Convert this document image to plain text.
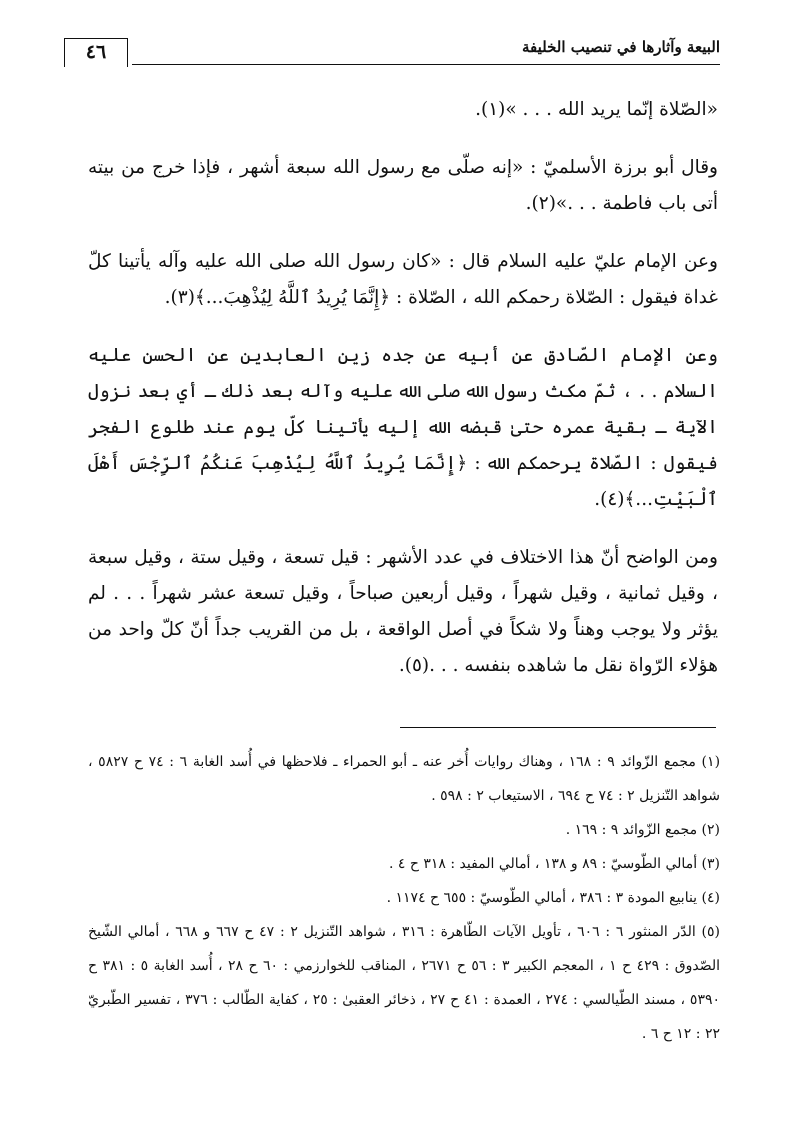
البيعة وآثارها في تنصيب الخليفة
٤٦

«الصّلاة إنّما يريد الله . . . »(١).

وقال أبو برزة الأسلميّ : «إنه صلّى مع رسول الله سبعة أشهر ، فإذا خرج من بيته أتى باب فاطمة . . .»(٢).

وعن الإمام عليّ عليه السلام قال : «كان رسول الله صلى الله عليه وآله يأتينا كلّ غداة فيقول : الصّلاة رحمكم الله ، الصّلاة : ﴿إِنَّمَا يُرِيدُ ٱللَّهُ لِيُذْهِبَ...﴾(٣).

وعن الإمام الصّادق عن أبيه عن جده زين العابدين عن الحسن عليه السلام . . ، ثمّ مكث رسول الله صلى الله عليه وآله بعد ذلك ـ أي بعد نزول الآية ـ بقية عمره حتىٰ قبضه الله إليه يأتينا كلّ يوم عند طلوع الفجر فيقول : الصّلاة يرحمكم الله : ﴿إِنَّمَا يُرِيدُ ٱللَّهُ لِيُذْهِبَ عَنكُمُ ٱلرِّجْسَ أَهْلَ ٱلْبَيْتِ...﴾(٤).

ومن الواضح أنّ هذا الاختلاف في عدد الأشهر : قيل تسعة ، وقيل ستة ، وقيل سبعة ، وقيل ثمانية ، وقيل شهراً ، وقيل أربعين صباحاً ، وقيل تسعة عشر شهراً . . . لم يؤثر ولا يوجب وهناً ولا شكاً في أصل الواقعة ، بل من القريب جداً أنّ كلّ واحد من هؤلاء الرّواة نقل ما شاهده بنفسه . . .(٥).

(١) مجمع الزّوائد ٩ : ١٦٨ ، وهناك روايات أُخر عنه ـ أبو الحمراء ـ فلاحظها في أُسد الغابة ٦ : ٧٤ ح ٥٨٢٧ ، شواهد التّنزيل ٢ : ٧٤ ح ٦٩٤ ، الاستيعاب ٢ : ٥٩٨ .

(٢) مجمع الزّوائد ٩ : ١٦٩ .

(٣) أمالي الطّوسيّ : ٨٩ و ١٣٨ ، أمالي المفيد : ٣١٨ ح ٤ .

(٤) ينابيع المودة ٣ : ٣٨٦ ، أمالي الطّوسيّ : ٦٥٥ ح ١١٧٤ .

(٥) الدّر المنثور ٦ : ٦٠٦ ، تأويل الآيات الطّاهرة : ٣١٦ ، شواهد التّنزيل ٢ : ٤٧ ح ٦٦٧ و ٦٦٨ ، أمالي الشّيخ الصّدوق : ٤٢٩ ح ١ ، المعجم الكبير ٣ : ٥٦ ح ٢٦٧١ ، المناقب للخوارزمي : ٦٠ ح ٢٨ ، أُسد الغابة ٥ : ٣٨١ ح ٥٣٩٠ ، مسند الطّيالسي : ٢٧٤ ، العمدة : ٤١ ح ٢٧ ، ذخائر العقبىٰ : ٢٥ ، كفاية الطّالب : ٣٧٦ ، تفسير الطّبريّ ٢٢ : ١٢ ح ٦ .
